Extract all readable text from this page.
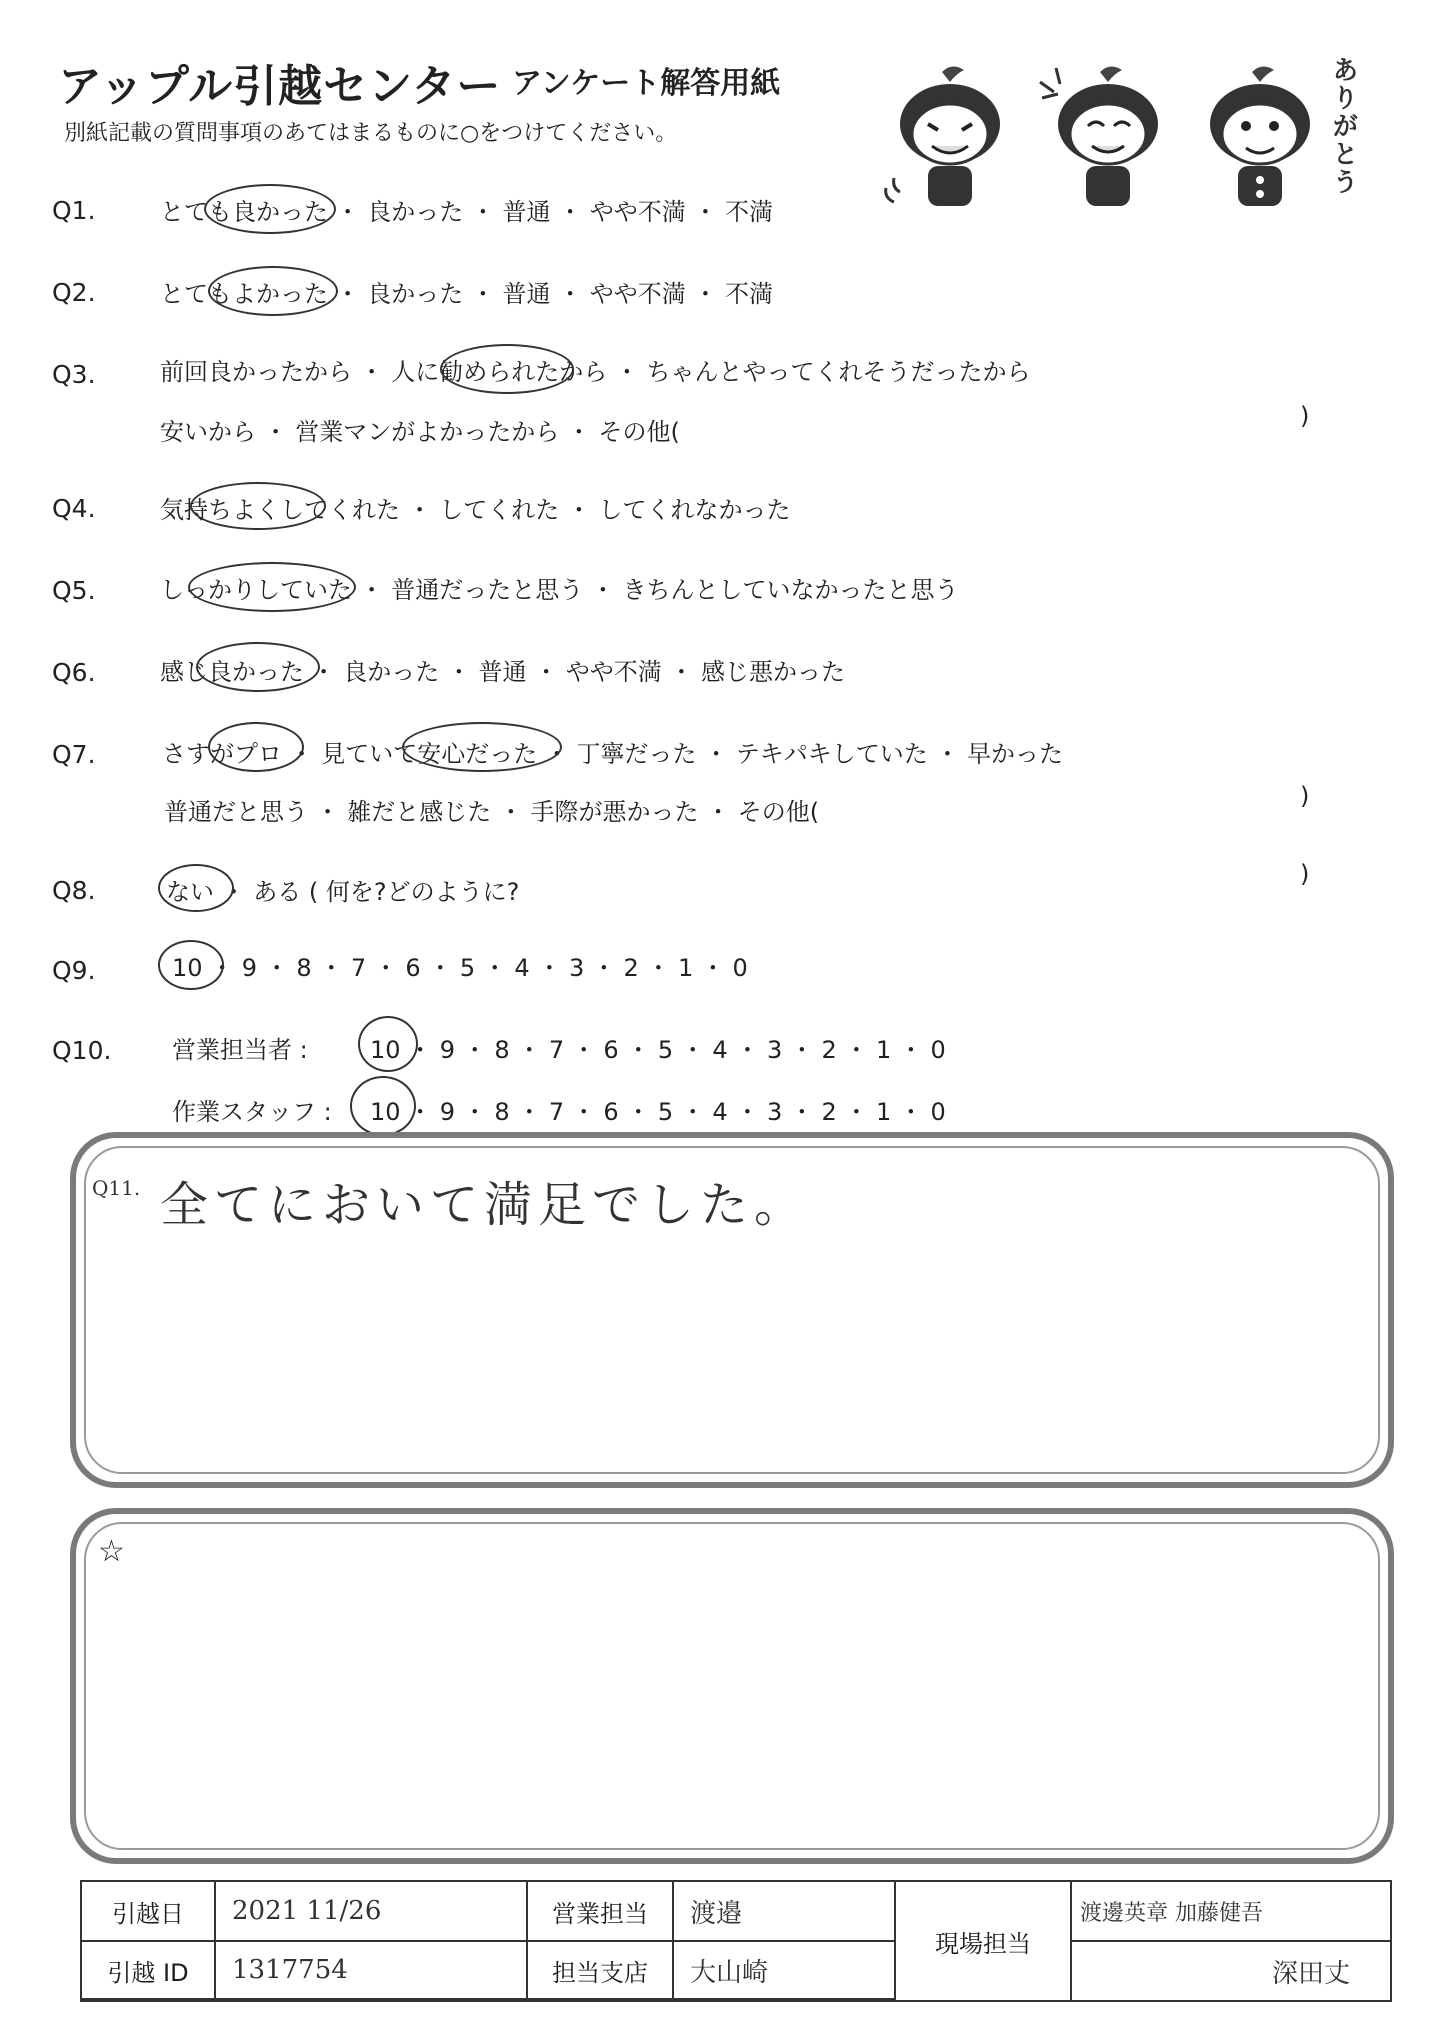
アップル引越センター アンケート解答用紙
別紙記載の質問事項のあてはまるものに○をつけてください。	ありがとう
Q1.	とても良かった ・ 良かった ・ 普通 ・ やや不満 ・ 不満
Q2.	とてもよかった ・ 良かった ・ 普通 ・ やや不満 ・ 不満
Q3.	前回良かったから ・ 人に勧められたから ・ ちゃんとやってくれそうだったから
安いから ・ 営業マンがよかったから ・ その他(
)
Q4.	気持ちよくしてくれた ・ してくれた ・ してくれなかった
Q5.	しっかりしていた ・ 普通だったと思う ・ きちんとしていなかったと思う
Q6.	感じ良かった ・ 良かった ・ 普通 ・ やや不満 ・ 感じ悪かった
Q7.	さすがプロ ・ 見ていて安心だった ・ 丁寧だった ・ テキパキしていた ・ 早かった
普通だと思う ・ 雑だと感じた ・ 手際が悪かった ・ その他(
)
Q8.	ない ・ ある ( 何を?どのように?
)
Q9.	10 ・ 9 ・ 8 ・ 7 ・ 6 ・ 5 ・ 4 ・ 3 ・ 2 ・ 1 ・ 0
Q10.	営業担当者 :	10 ・ 9 ・ 8 ・ 7 ・ 6 ・ 5 ・ 4 ・ 3 ・ 2 ・ 1 ・ 0
作業スタッフ : 10 ・ 9 ・ 8 ・ 7 ・ 6 ・ 5 ・ 4 ・ 3 ・ 2 ・ 1 ・ 0
Q11. 全てにおいて満足でした。
☆
引越日	2021 11/26	営業担当	渡邉
引越 ID	1317754	担当支店	大山崎
現場担当
渡邊英章 加藤健吾
深田丈
